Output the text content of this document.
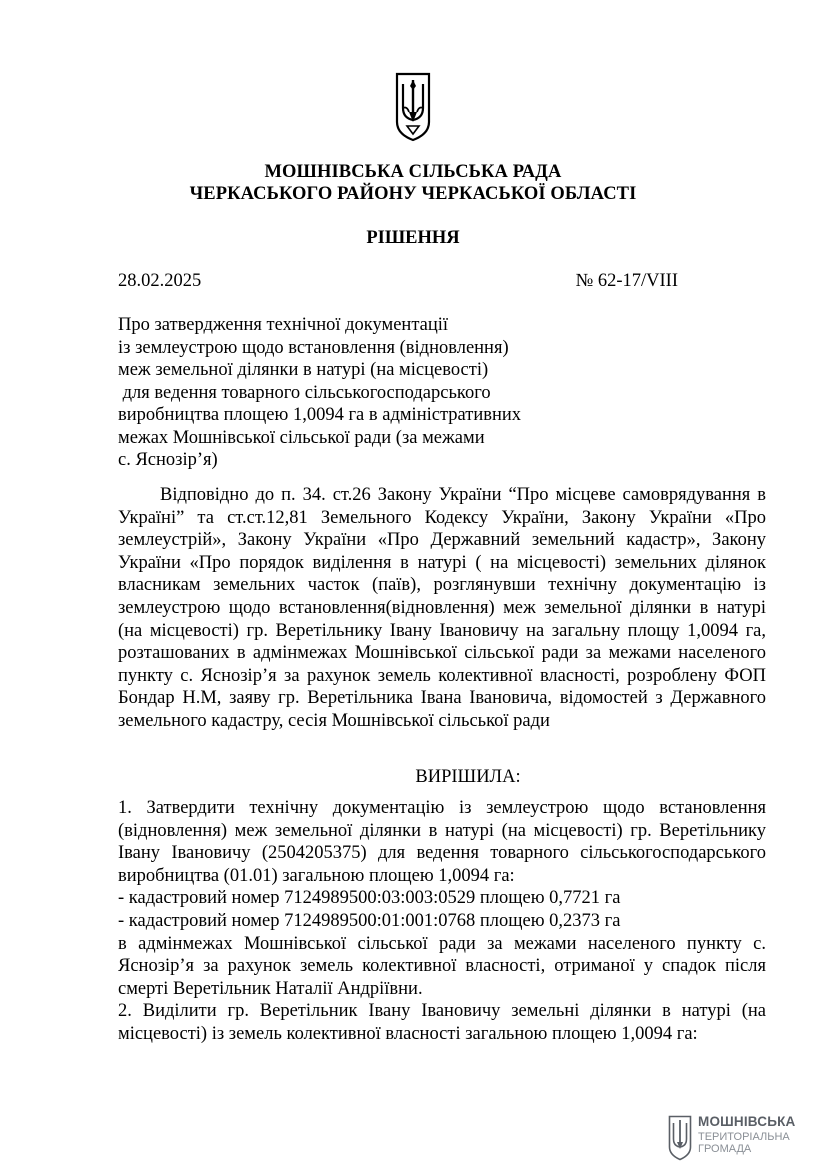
МОШНІВСЬКА СІЛЬСЬКА РАДА
ЧЕРКАСЬКОГО РАЙОНУ ЧЕРКАСЬКОЇ ОБЛАСТІ
РІШЕННЯ
28.02.2025	№ 62-17/VIII
Про затвердження технічної документації
із землеустрою щодо встановлення (відновлення)
меж земельної ділянки в натурі (на місцевості)
для ведення товарного сільськогосподарського
виробництва площею 1,0094 га в адміністративних
межах Мошнівської сільської ради (за межами
с. Яснозір’я)
Відповідно до п. 34. ст.26 Закону України “Про місцеве самоврядування в Україні” та ст.ст.12,81 Земельного Кодексу України, Закону України «Про землеустрій», Закону України «Про Державний земельний кадастр», Закону України «Про порядок виділення в натурі ( на місцевості) земельних ділянок власникам земельних часток (паїв), розглянувши технічну документацію із землеустрою щодо встановлення(відновлення) меж земельної ділянки в натурі (на місцевості) гр. Веретільнику Івану Івановичу на загальну площу 1,0094 га, розташованих в адмінмежах Мошнівської сільської ради за межами населеного пункту с. Яснозір’я за рахунок земель колективної власності, розроблену ФОП Бондар Н.М, заяву гр. Веретільника Івана Івановича, відомостей з Державного земельного кадастру, сесія Мошнівської сільської ради
ВИРІШИЛА:

1. Затвердити технічну документацію із землеустрою щодо встановлення (відновлення) меж земельної ділянки в натурі (на місцевості) гр. Веретільнику Івану Івановичу (2504205375) для ведення товарного сільськогосподарського виробництва (01.01) загальною площею 1,0094 га:

- кадастровий номер 7124989500:03:003:0529 площею 0,7721 га

- кадастровий номер 7124989500:01:001:0768 площею 0,2373 га

в адмінмежах Мошнівської сільської ради за межами населеного пункту с. Яснозір’я за рахунок земель колективної власності, отриманої у спадок після смерті Веретільник Наталії Андріївни.

2. Виділити гр. Веретільник Івану Івановичу земельні ділянки в натурі (на місцевості) із земель колективної власності загальною площею 1,0094 га:

МОШНІВСЬКА
ТЕРИТОРІАЛЬНА
ГРОМАДА
